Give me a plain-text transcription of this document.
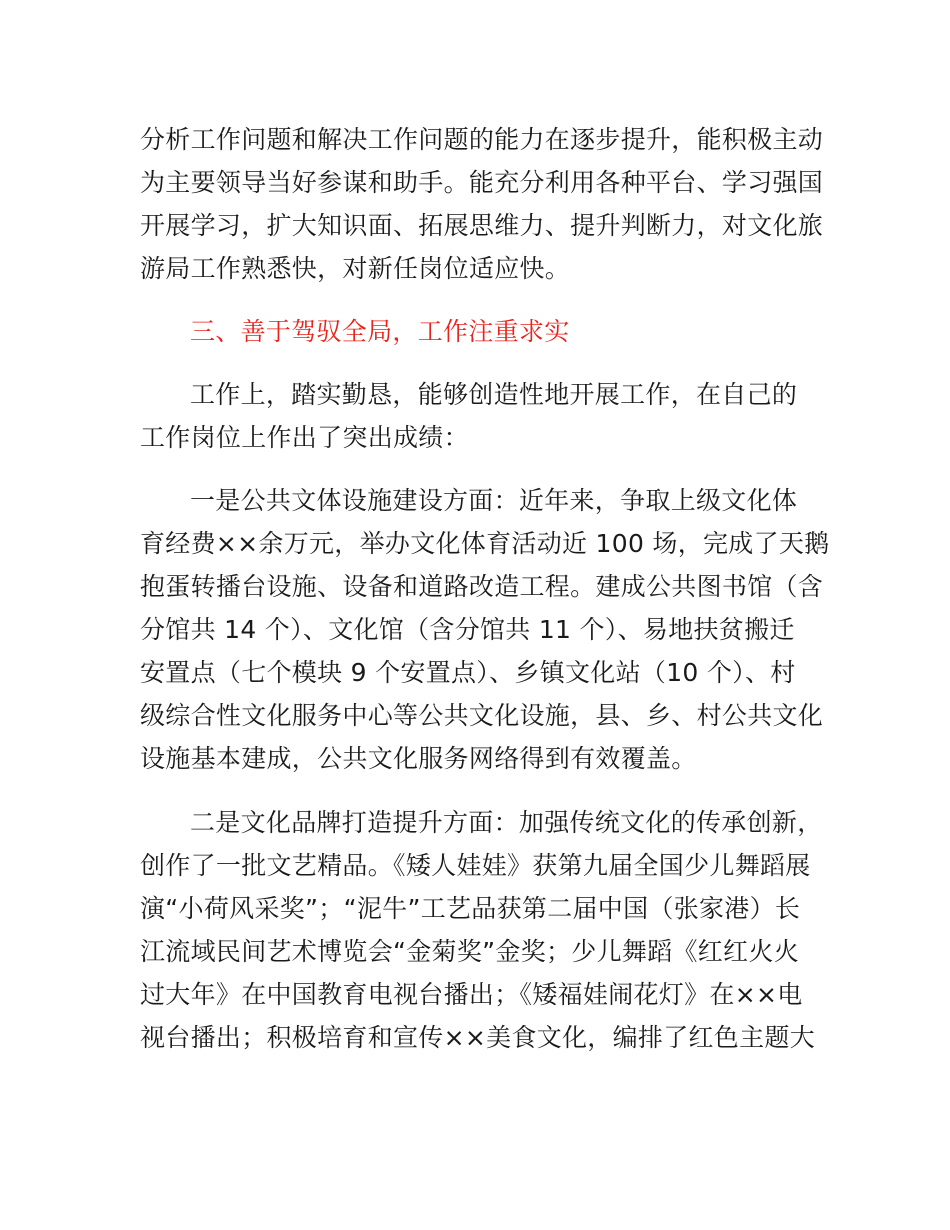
分析工作问题和解决工作问题的能力在逐步提升，能积极主动
为主要领导当好参谋和助手。能充分利用各种平台、学习强国
开展学习，扩大知识面、拓展思维力、提升判断力，对文化旅
游局工作熟悉快，对新任岗位适应快。
三、善于驾驭全局，工作注重求实
工作上，踏实勤恳，能够创造性地开展工作，在自己的
工作岗位上作出了突出成绩：
一是公共文体设施建设方面：近年来，争取上级文化体
育经费××余万元，举办文化体育活动近 100 场，完成了天鹅
抱蛋转播台设施、设备和道路改造工程。建成公共图书馆（含
分馆共 14 个）、文化馆（含分馆共 11 个）、易地扶贫搬迁
安置点（七个模块 9 个安置点）、乡镇文化站（10 个）、村
级综合性文化服务中心等公共文化设施，县、乡、村公共文化
设施基本建成，公共文化服务网络得到有效覆盖。
二是文化品牌打造提升方面：加强传统文化的传承创新，
创作了一批文艺精品。《矮人娃娃》获第九届全国少儿舞蹈展
演“小荷风采奖”；“泥牛”工艺品获第二届中国（张家港）长
江流域民间艺术博览会“金菊奖”金奖；少儿舞蹈《红红火火
过大年》在中国教育电视台播出；《矮福娃闹花灯》在××电
视台播出；积极培育和宣传××美食文化，编排了红色主题大
